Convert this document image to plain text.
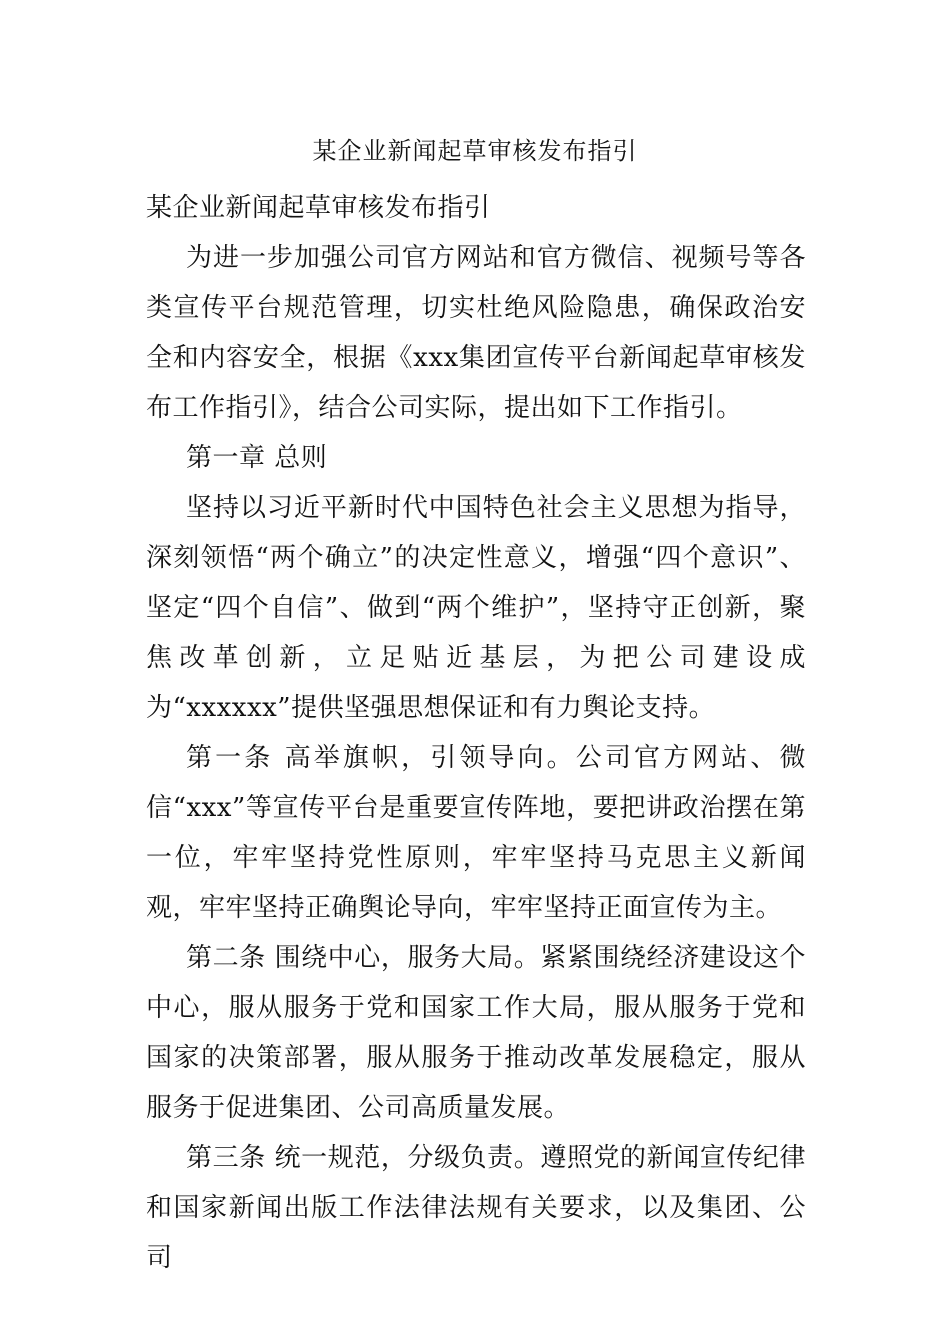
某企业新闻起草审核发布指引

某企业新闻起草审核发布指引

为进一步加强公司官方网站和官方微信、视频号等各类宣传平台规范管理，切实杜绝风险隐患，确保政治安全和内容安全，根据《xxx集团宣传平台新闻起草审核发布工作指引》，结合公司实际，提出如下工作指引。

第一章 总则

坚持以习近平新时代中国特色社会主义思想为指导，深刻领悟“两个确立”的决定性意义，增强“四个意识”、坚定“四个自信”、做到“两个维护”，坚持守正创新，聚焦改革创新，立足贴近基层，为把公司建设成为“xxxxxx”提供坚强思想保证和有力舆论支持。

第一条 高举旗帜，引领导向。公司官方网站、微信“xxx”等宣传平台是重要宣传阵地，要把讲政治摆在第一位，牢牢坚持党性原则，牢牢坚持马克思主义新闻观，牢牢坚持正确舆论导向，牢牢坚持正面宣传为主。

第二条 围绕中心，服务大局。紧紧围绕经济建设这个中心，服从服务于党和国家工作大局，服从服务于党和国家的决策部署，服从服务于推动改革发展稳定，服从服务于促进集团、公司高质量发展。

第三条 统一规范，分级负责。遵照党的新闻宣传纪律和国家新闻出版工作法律法规有关要求，以及集团、公司
